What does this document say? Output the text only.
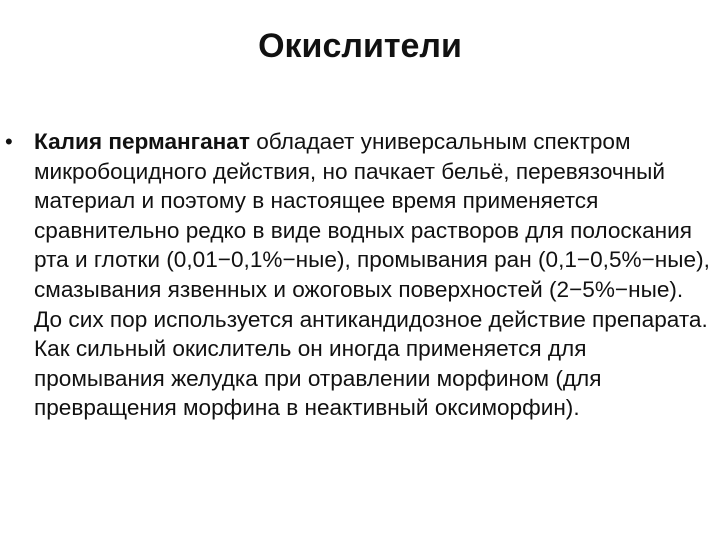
Окислители
• Калия перманганат обладает универсальным спектром микробоцидного действия, но пачкает бельё, перевязочный материал и поэтому в настоящее время применяется сравнительно редко в виде водных растворов для полоскания рта и глотки (0,01−0,1%−ные), промывания ран (0,1−0,5%−ные), смазывания язвенных и ожоговых поверхностей (2−5%−ные). До сих пор используется антикандидозное действие препарата. Как сильный окислитель он иногда применяется для промывания желудка при отравлении морфином (для превращения морфина в неактивный оксиморфин).
